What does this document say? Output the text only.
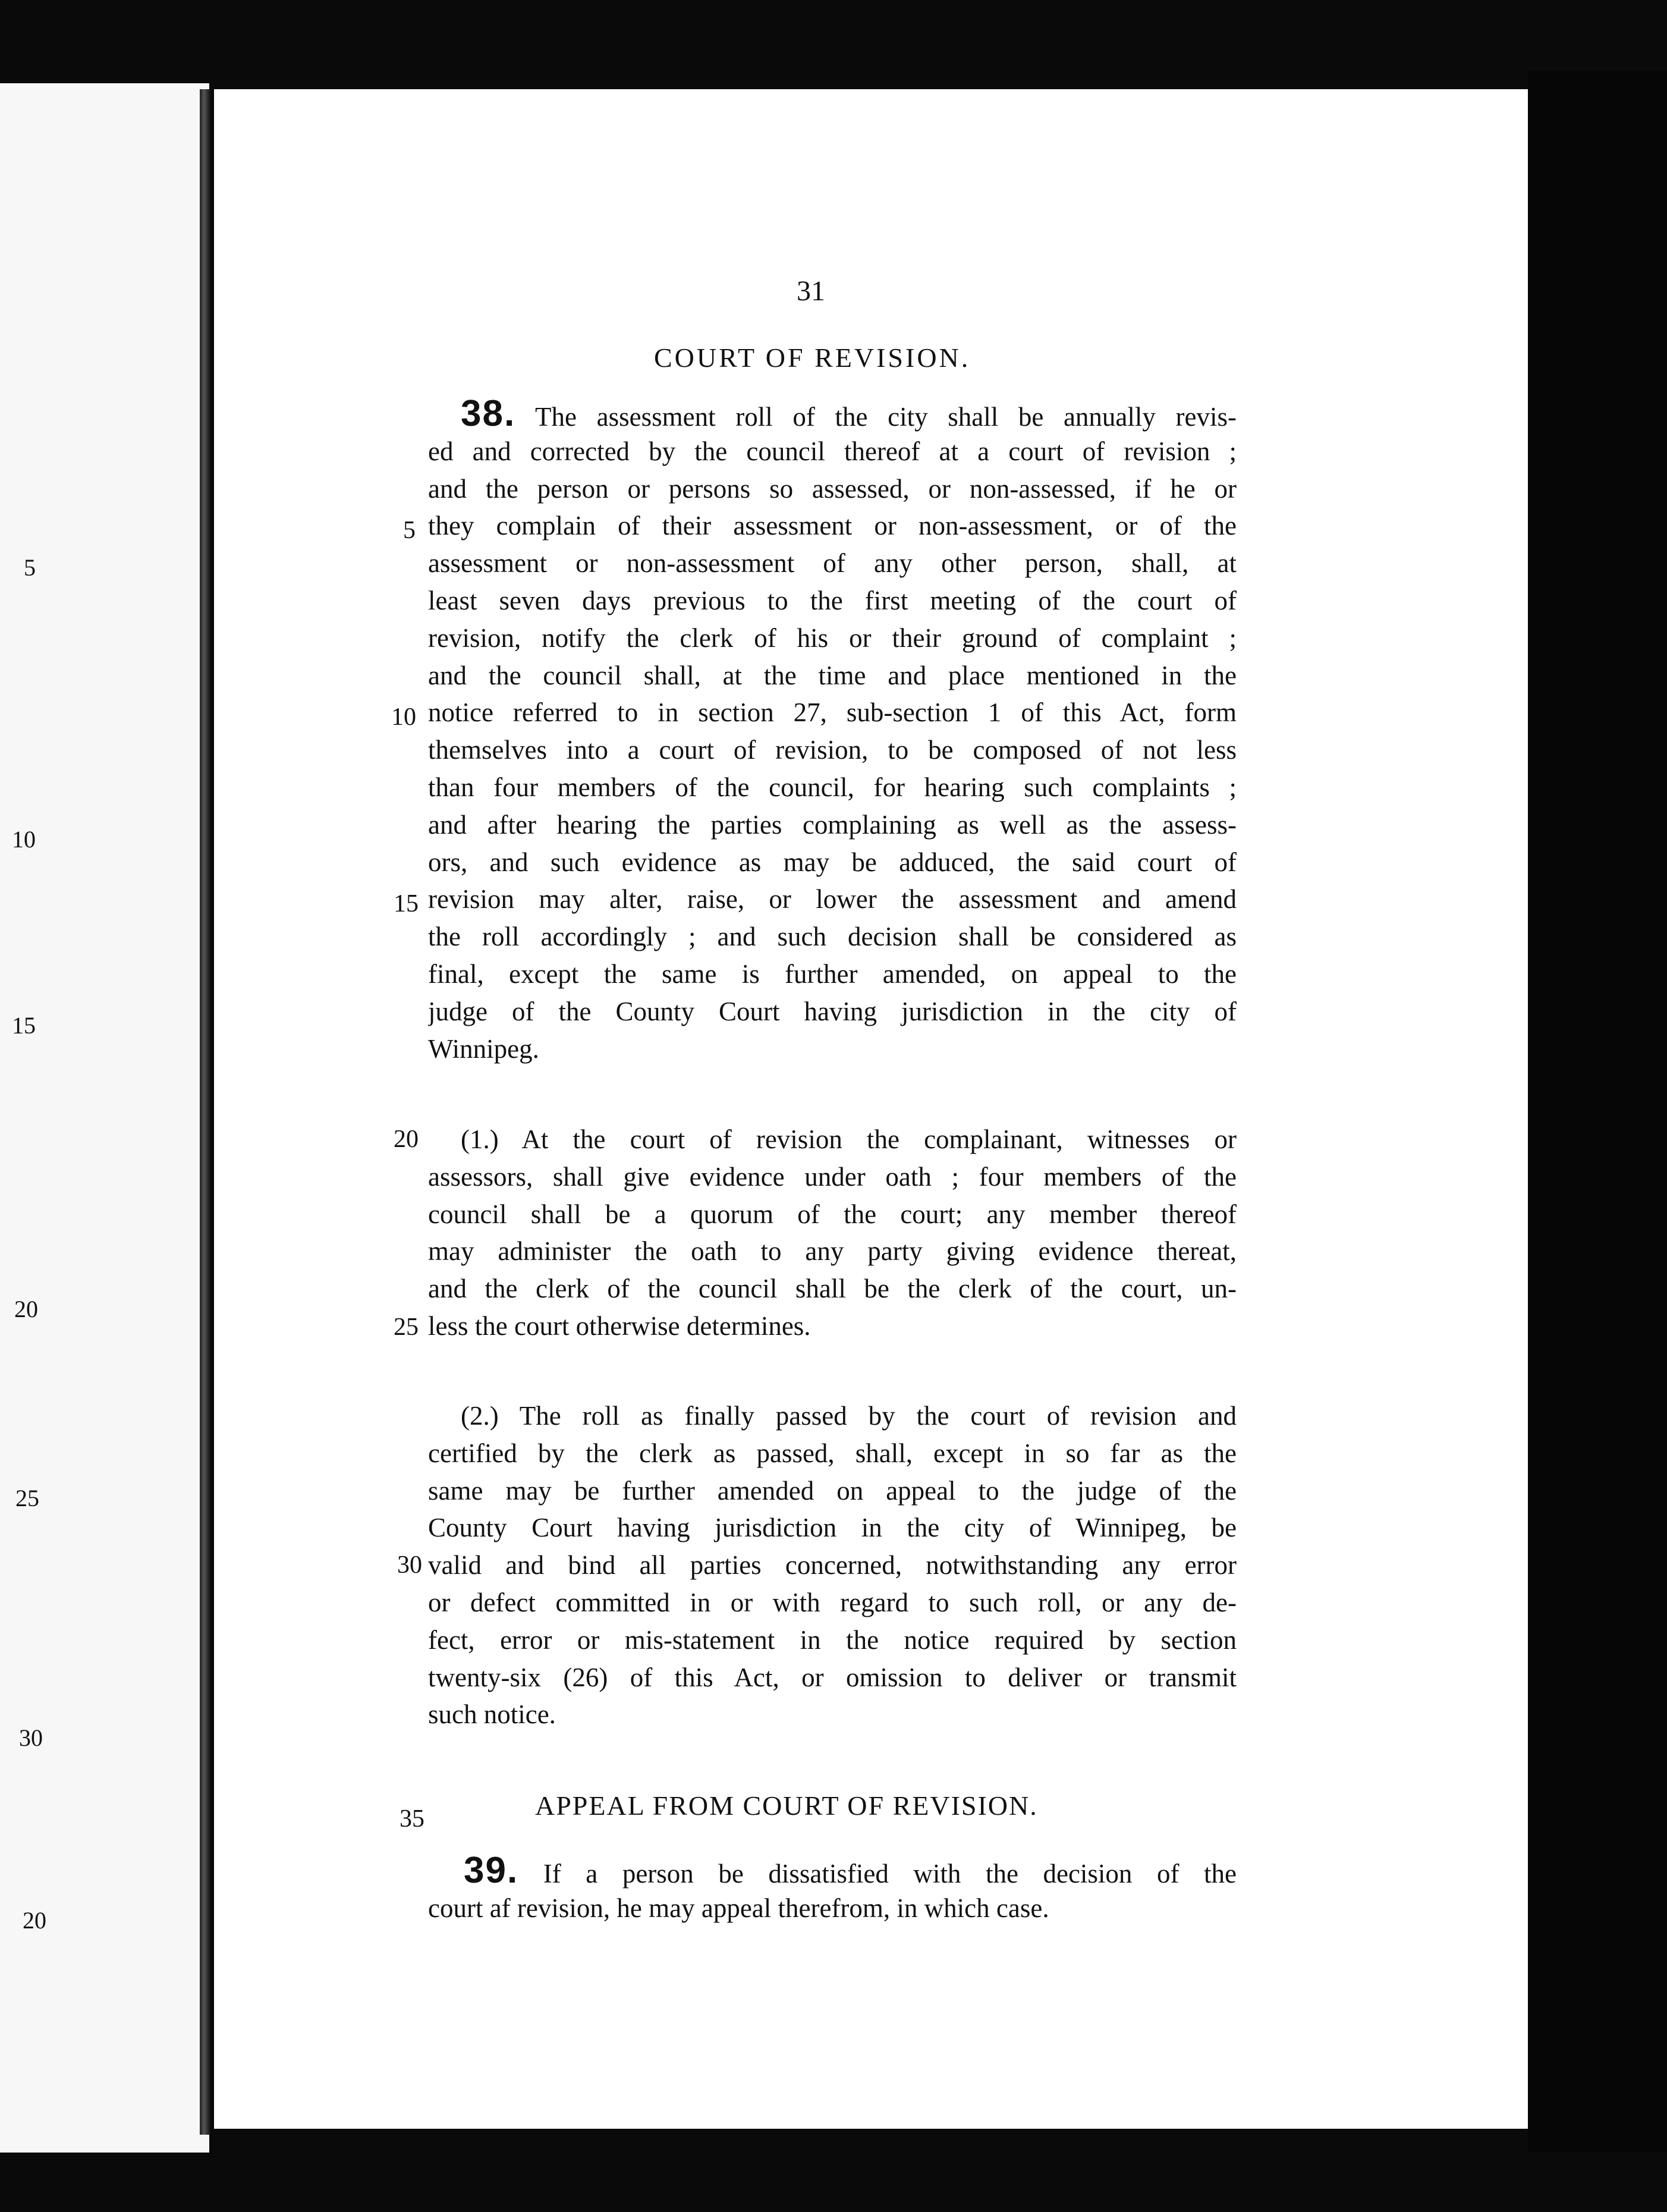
5
10
15
20
25
30
20
31
COURT OF REVISION.
38. The assessment roll of the city shall be annually revis-
ed and corrected by the council thereof at a court of revision ;
and the person or persons so assessed, or non-assessed, if he or
they complain of their assessment or non-assessment, or of the
assessment or non-assessment of any other person, shall, at
least seven days previous to the first meeting of the court of
revision, notify the clerk of his or their ground of complaint ;
and the council shall, at the time and place mentioned in the
notice referred to in section 27, sub-section 1 of this Act, form
themselves into a court of revision, to be composed of not less
than four members of the council, for hearing such complaints ;
and after hearing the parties complaining as well as the assess-
ors, and such evidence as may be adduced, the said court of
revision may alter, raise, or lower the assessment and amend
the roll accordingly ; and such decision shall be considered as
final, except the same is further amended, on appeal to the
judge of the County Court having jurisdiction in the city of
Winnipeg.
(1.) At the court of revision the complainant, witnesses or
assessors, shall give evidence under oath ; four members of the
council shall be a quorum of the court; any member thereof
may administer the oath to any party giving evidence thereat,
and the clerk of the council shall be the clerk of the court, un-
less the court otherwise determines.
(2.) The roll as finally passed by the court of revision and
certified by the clerk as passed, shall, except in so far as the
same may be further amended on appeal to the judge of the
County Court having jurisdiction in the city of Winnipeg, be
valid and bind all parties concerned, notwithstanding any error
or defect committed in or with regard to such roll, or any de-
fect, error or mis-statement in the notice required by section
twenty-six (26) of this Act, or omission to deliver or transmit
such notice.
APPEAL FROM COURT OF REVISION.
39. If a person be dissatisfied with the decision of the
court af revision, he may appeal therefrom, in which case.
5
10
15
20
25
30
35
